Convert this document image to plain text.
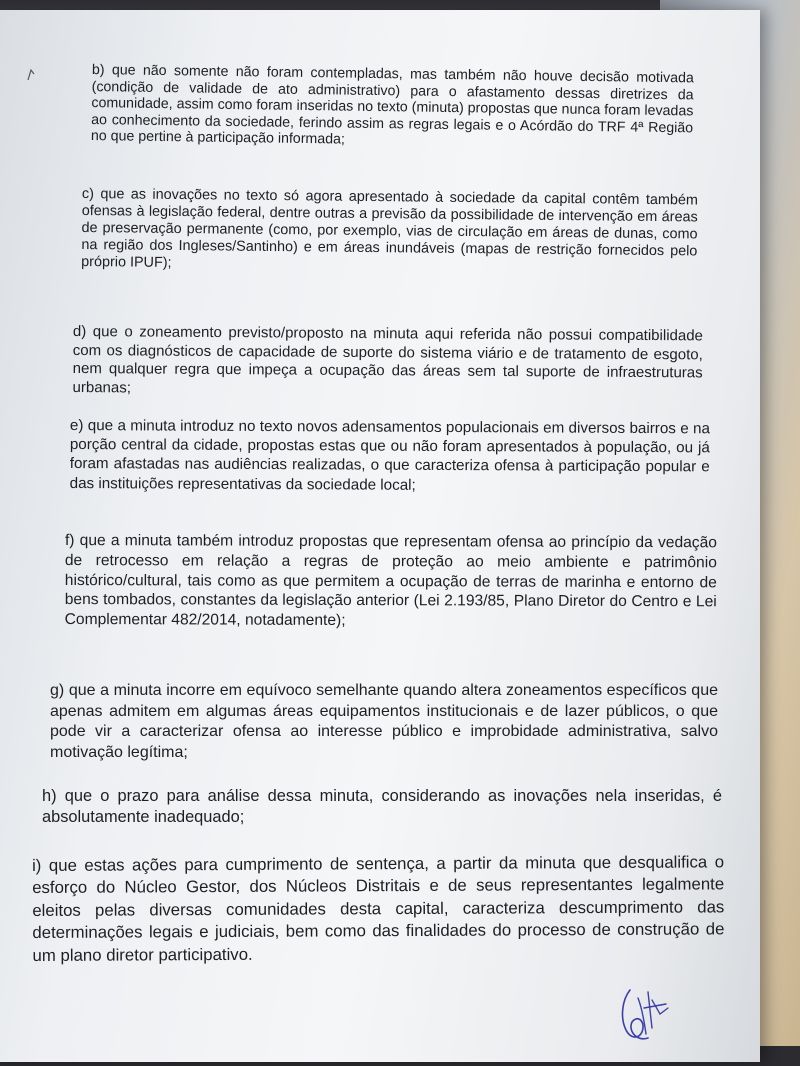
b) que não somente não foram contempladas, mas também não houve decisão motivada (condição de validade de ato administrativo) para o afastamento dessas diretrizes da comunidade, assim como foram inseridas no texto (minuta) propostas que nunca foram levadas ao conhecimento da sociedade, ferindo assim as regras legais e o Acórdão do TRF 4ª Região no que pertine à participação informada;

c) que as inovações no texto só agora apresentado à sociedade da capital contêm também ofensas à legislação federal, dentre outras a previsão da possibilidade de intervenção em áreas de preservação permanente (como, por exemplo, vias de circulação em áreas de dunas, como na região dos Ingleses/Santinho) e em áreas inundáveis (mapas de restrição fornecidos pelo próprio IPUF);

d) que o zoneamento previsto/proposto na minuta aqui referida não possui compatibilidade com os diagnósticos de capacidade de suporte do sistema viário e de tratamento de esgoto, nem qualquer regra que impeça a ocupação das áreas sem tal suporte de infraestruturas urbanas;

e) que a minuta introduz no texto novos adensamentos populacionais em diversos bairros e na porção central da cidade, propostas estas que ou não foram apresentados à população, ou já foram afastadas nas audiências realizadas, o que caracteriza ofensa à participação popular e das instituições representativas da sociedade local;

f) que a minuta também introduz propostas que representam ofensa ao princípio da vedação de retrocesso em relação a regras de proteção ao meio ambiente e patrimônio histórico/cultural, tais como as que permitem a ocupação de terras de marinha e entorno de bens tombados, constantes da legislação anterior (Lei 2.193/85, Plano Diretor do Centro e Lei Complementar 482/2014, notadamente);

g) que a minuta incorre em equívoco semelhante quando altera zoneamentos específicos que apenas admitem em algumas áreas equipamentos institucionais e de lazer públicos, o que pode vir a caracterizar ofensa ao interesse público e improbidade administrativa, salvo motivação legítima;

h) que o prazo para análise dessa minuta, considerando as inovações nela inseridas, é absolutamente inadequado;

i) que estas ações para cumprimento de sentença, a partir da minuta que desqualifica o esforço do Núcleo Gestor, dos Núcleos Distritais e de seus representantes legalmente eleitos pelas diversas comunidades desta capital, caracteriza descumprimento das determinações legais e judiciais, bem como das finalidades do processo de construção de um plano diretor participativo.
